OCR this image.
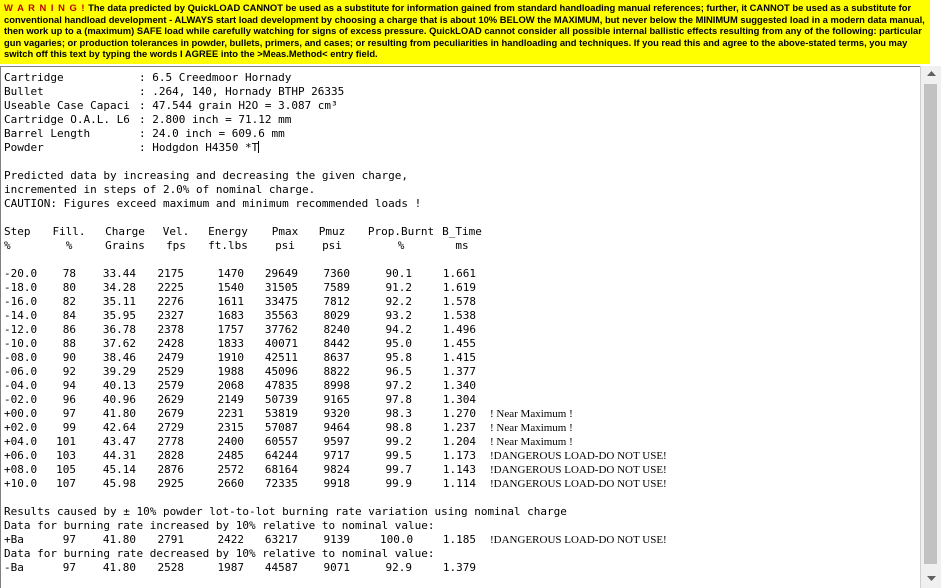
W A R N I N G ! The data predicted by QuickLOAD CANNOT be used as a substitute for information gained from standard handloading manual references; further, it CANNOT be used as a substitute for conventional handload development - ALWAYS start load development by choosing a charge that is about 10% BELOW the MAXIMUM, but never below the MINIMUM suggested load in a modern data manual, then work up to a (maximum) SAFE load while carefully watching for signs of excess pressure. QuickLOAD cannot consider all possible internal ballistic effects resulting from any of the following: particular gun vagaries; or production tolerances in powder, bullets, primers, and cases; or resulting from peculiarities in handloading and techniques. If you read this and agree to the above-stated terms, you may switch off this text by typing the words I AGREE into the >Meas.Method< entry field.
Cartridge	: 6.5 Creedmoor Hornady
Bullet	: .264, 140, Hornady BTHP 26335
Useable Case Capaci : 47.544 grain H2O = 3.087 cm³
Cartridge O.A.L. L6 : 2.800 inch = 71.12 mm
Barrel Length	: 24.0 inch = 609.6 mm
Powder	: Hodgdon H4350 *T
Predicted data by increasing and decreasing the given charge,
incremented in steps of 2.0% of nominal charge.
CAUTION: Figures exceed maximum and minimum recommended loads !
Step	Fill.	Charge	Vel.	Energy	Pmax	Pmuz	Prop.Burnt B_Time
%	%	Grains	fps	ft.lbs	psi	psi	%	ms
-20.0	78	33.44	2175	1470	29649	7360	90.1	1.661
-18.0	80	34.28	2225	1540	31505	7589	91.2	1.619
-16.0	82	35.11	2276	1611	33475	7812	92.2	1.578
-14.0	84	35.95	2327	1683	35563	8029	93.2	1.538
-12.0	86	36.78	2378	1757	37762	8240	94.2	1.496
-10.0	88	37.62	2428	1833	40071	8442	95.0	1.455
-08.0	90	38.46	2479	1910	42511	8637	95.8	1.415
-06.0	92	39.29	2529	1988	45096	8822	96.5	1.377
-04.0	94	40.13	2579	2068	47835	8998	97.2	1.340
-02.0	96	40.96	2629	2149	50739	9165	97.8	1.304
+00.0	97	41.80	2679	2231	53819	9320	98.3	1.270 ! Near Maximum !
+02.0	99	42.64	2729	2315	57087	9464	98.8	1.237 ! Near Maximum !
+04.0	101	43.47	2778	2400	60557	9597	99.2	1.204 ! Near Maximum !
+06.0	103	44.31	2828	2485	64244	9717	99.5	1.173 !DANGEROUS LOAD-DO NOT USE!
+08.0	105	45.14	2876	2572	68164	9824	99.7	1.143 !DANGEROUS LOAD-DO NOT USE!
+10.0	107	45.98	2925	2660	72335	9918	99.9	1.114 !DANGEROUS LOAD-DO NOT USE!
Results caused by ± 10% powder lot-to-lot burning rate variation using nominal charge
Data for burning rate increased by 10% relative to nominal value:
+Ba	97	41.80	2791	2422	63217	9139	100.0	1.185 !DANGEROUS LOAD-DO NOT USE!
Data for burning rate decreased by 10% relative to nominal value:
-Ba	97	41.80	2528	1987	44587	9071	92.9	1.379
